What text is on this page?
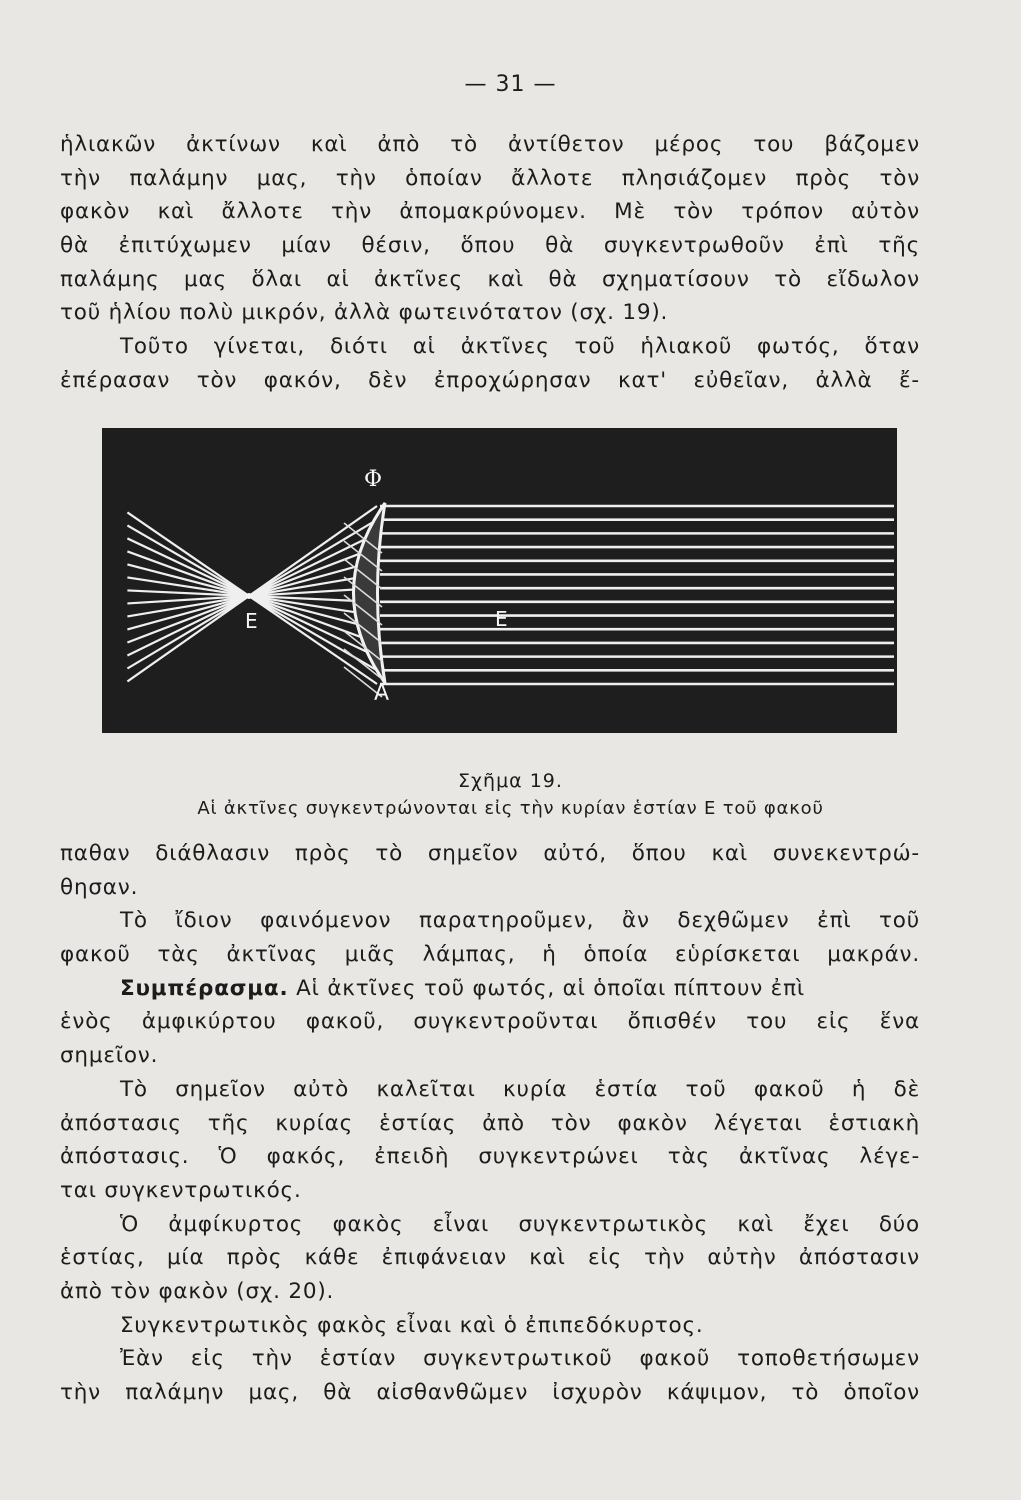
— 31 —
ἡλιακῶν ἀκτίνων καὶ ἀπὸ τὸ ἀντίθετον μέρος του βάζομεν
τὴν παλάμην μας, τὴν ὁποίαν ἄλλοτε πλησιάζομεν πρὸς τὸν
φακὸν καὶ ἄλλοτε τὴν ἀπομακρύνομεν. Μὲ τὸν τρόπον αὐτὸν
θὰ ἐπιτύχωμεν μίαν θέσιν, ὅπου θὰ συγκεντρωθοῦν ἐπὶ τῆς
παλάμης μας ὅλαι αἱ ἀκτῖνες καὶ θὰ σχηματίσουν τὸ εἴδωλον
τοῦ ἡλίου πολὺ μικρόν, ἀλλὰ φωτεινότατον (σχ. 19).
Τοῦτο γίνεται, διότι αἱ ἀκτῖνες τοῦ ἡλιακοῦ φωτός, ὅταν
ἐπέρασαν τὸν φακόν, δὲν ἐπροχώρησαν κατ' εὐθεῖαν, ἀλλὰ ἔ-
Φ
Ε	Ε
Α
Σχῆμα 19.
Αἱ ἀκτῖνες συγκεντρώνονται εἰς τὴν κυρίαν ἑστίαν Ε τοῦ φακοῦ
παθαν διάθλασιν πρὸς τὸ σημεῖον αὐτό, ὅπου καὶ συνεκεντρώ-
θησαν.
Τὸ ἴδιον φαινόμενον παρατηροῦμεν, ἂν δεχθῶμεν ἐπὶ τοῦ
φακοῦ τὰς ἀκτῖνας μιᾶς λάμπας, ἡ ὁποία εὑρίσκεται μακράν.
Συμπέρασμα. Αἱ ἀκτῖνες τοῦ φωτός, αἱ ὁποῖαι πίπτουν ἐπὶ
ἑνὸς ἀμφικύρτου φακοῦ, συγκεντροῦνται ὄπισθέν του εἰς ἕνα
σημεῖον.
Τὸ σημεῖον αὐτὸ καλεῖται κυρία ἑστία τοῦ φακοῦ ἡ δὲ
ἀπόστασις τῆς κυρίας ἑστίας ἀπὸ τὸν φακὸν λέγεται ἑστιακὴ
ἀπόστασις. Ὁ φακός, ἐπειδὴ συγκεντρώνει τὰς ἀκτῖνας λέγε-
ται συγκεντρωτικός.
Ὁ ἀμφίκυρτος φακὸς εἶναι συγκεντρωτικὸς καὶ ἔχει δύο
ἑστίας, μία πρὸς κάθε ἐπιφάνειαν καὶ εἰς τὴν αὐτὴν ἀπόστασιν
ἀπὸ τὸν φακὸν (σχ. 20).
Συγκεντρωτικὸς φακὸς εἶναι καὶ ὁ ἐπιπεδόκυρτος.
Ἐὰν εἰς τὴν ἑστίαν συγκεντρωτικοῦ φακοῦ τοποθετήσωμεν
τὴν παλάμην μας, θὰ αἰσθανθῶμεν ἰσχυρὸν κάψιμον, τὸ ὁποῖον
